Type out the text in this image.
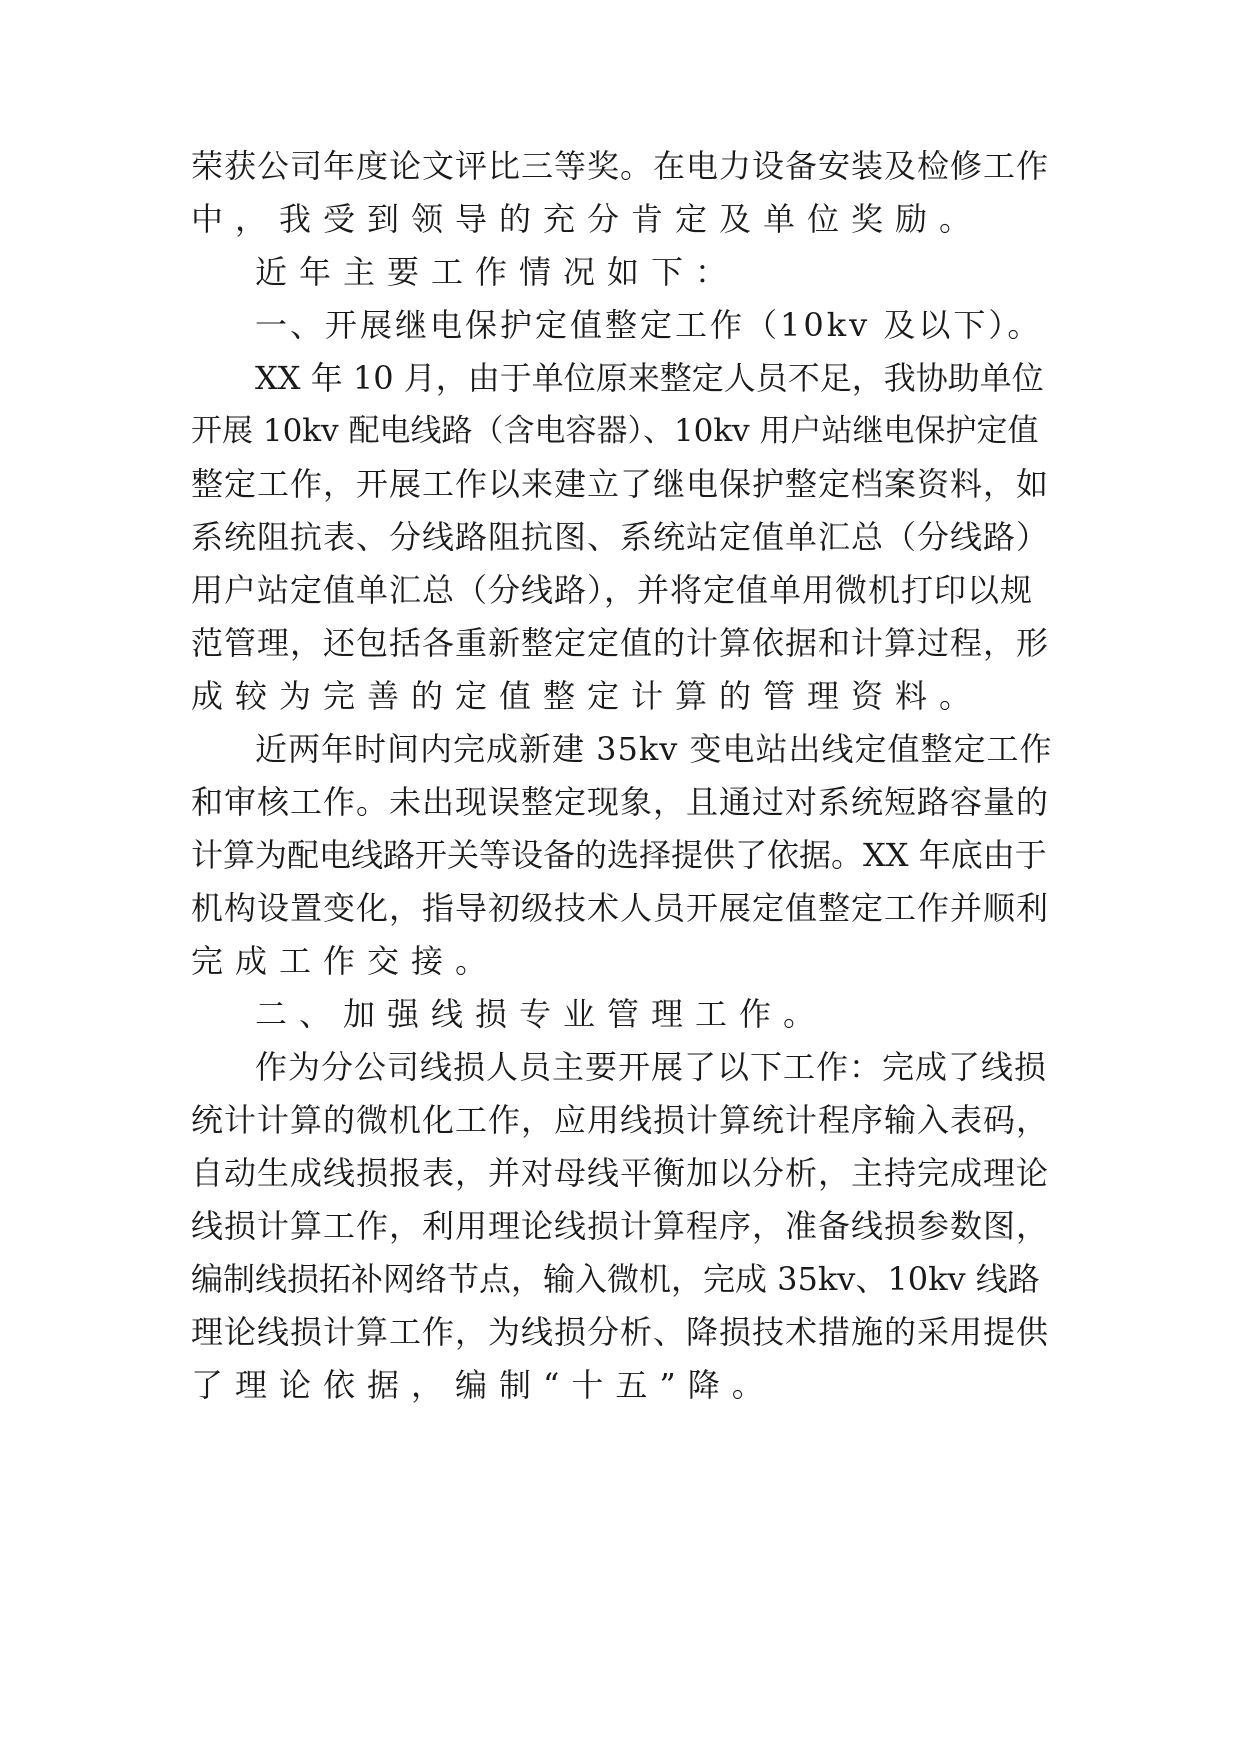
荣获公司年度论文评比三等奖。在电力设备安装及检修工作
中，我受到领导的充分肯定及单位奖励。
近年主要工作情况如下：
一、开展继电保护定值整定工作（10kv 及以下）。
XX 年 10 月，由于单位原来整定人员不足，我协助单位
开展 10kv 配电线路（含电容器）、10kv 用户站继电保护定值
整定工作，开展工作以来建立了继电保护整定档案资料，如
系统阻抗表、分线路阻抗图、系统站定值单汇总（分线路）
用户站定值单汇总（分线路），并将定值单用微机打印以规
范管理，还包括各重新整定定值的计算依据和计算过程，形
成较为完善的定值整定计算的管理资料。
近两年时间内完成新建 35kv 变电站出线定值整定工作
和审核工作。未出现误整定现象，且通过对系统短路容量的
计算为配电线路开关等设备的选择提供了依据。XX 年底由于
机构设置变化，指导初级技术人员开展定值整定工作并顺利
完成工作交接。
二、加强线损专业管理工作。
作为分公司线损人员主要开展了以下工作：完成了线损
统计计算的微机化工作，应用线损计算统计程序输入表码，
自动生成线损报表，并对母线平衡加以分析，主持完成理论
线损计算工作，利用理论线损计算程序，准备线损参数图，
编制线损拓补网络节点，输入微机，完成 35kv、10kv 线路
理论线损计算工作，为线损分析、降损技术措施的采用提供
了理论依据，编制“十五”降。
